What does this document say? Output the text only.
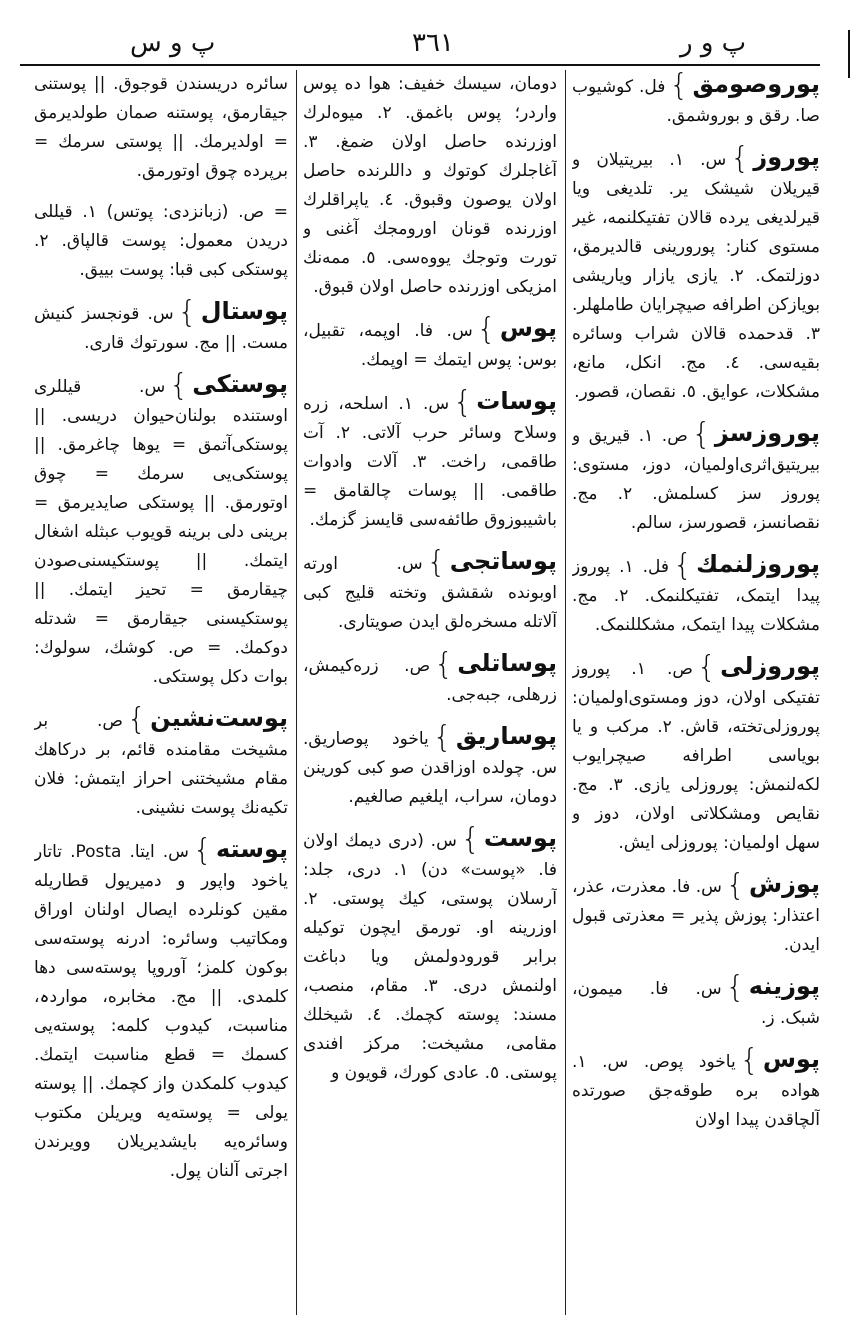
پ و س	٣٦١	پ و ر
پوروصومق}فل. کوشیوب صا. رقق و بوروشمق.
پوروز}س. ١. بیریتیلان و قیریلان شیشک یر. تلدیغی ویا قیرلدیغی یرده قالان تفتیکلنمه، غیر مستوی کنار: پورورینی قالدیرمق، دوزلتمک. ٢. یازی یازار ویاریشی بویازکن اطرافه صیچرایان طاملهلر. ٣. قدحمده قالان شراب وسائره بقیه‌سی. ٤. مج. انکل، مانع، مشکلات، عوایق. ٥. نقصان، قصور.
پوروزسز}ص. ١. قیریق و بیریتیق‌اثری‌اولمیان، دوز، مستوی: پوروز سز کسلمش. ٢. مج. نقصانسز، قصورسز، سالم.
پوروزلنمك}فل. ١. پوروز پیدا ایتمک، تفتیکلنمک. ٢. مج. مشکلات پیدا ایتمک، مشکللنمک.
پوروزلی}ص. ١. پوروز تفتیکی اولان، دوز ومستوی‌اولمیان: پوروزلی‌تخته، قاش. ٢. مرکب و یا بویاسی اطرافه صیچرایوب لکه‌لنمش: پوروزلی یازی. ٣. مج. نقایص ومشکلاتی اولان، دوز و سهل اولمیان: پوروزلی ایش.
پوزش}س. فا. معذرت، عذر، اعتذار: پوزش پذیر = معذرتی قبول ایدن.
پوزینه}س. فا. میمون، شبک. ز.
پوس}یاخود پوص. س. ١. هواده بره طوقه‌جق صورتده آلچاقدن پیدا اولان
دومان، سیسك خفیف: هوا ده پوس واردر؛ پوس باغمق. ٢. میوه‌لرك اوزرنده حاصل اولان ضمغ. ٣. آغاجلرك کوتوك و داللرنده حاصل اولان یوصون وقبوق. ٤. یاپراقلرك اوزرنده قونان اورومجك آغنی و تورت وتوجك یووه‌سی. ٥. ممه‌نك امزیکی اوزرنده حاصل اولان قبوق.
پوس}س. فا. اوپمه، تقبیل، بوس: پوس ایتمك = اوپمك.
پوسات}س. ١. اسلحه، زره وسلاح وسائر حرب آلاتی. ٢. آت طاقمی، راخت. ٣. آلات وادوات طاقمی. || پوسات چالقامق = باشیبوزوق طائفه‌سی قایسز گزمك.
پوساتجی}س. اورته اوبونده شقشق وتخته قلیج کبی آلاتله مسخره‌لق ایدن صویتاری.
پوساتلی}ص. زره‌کیمش، زرهلی، جبه‌جی.
پوساریق}یاخود پوصاریق. س. چولده اوزاقدن صو کبی کورینن دومان، سراب، ایلغیم صالغیم.
پوست}س. (دری دیمك اولان فا. «پوست» دن) ١. دری، جلد: آرسلان پوستی، کیك پوستی. ٢. اوزرینه او. تورمق ایچون توکیله برابر قورودولمش ویا دباغت اولنمش دری. ٣. مقام، منصب، مسند: پوسته کچمك. ٤. شیخلك مقامی، مشیخت: مرکز افندی پوستی. ٥. عادی کورك، قویون و
سائره دریسندن قوجوق. || پوستنی جیقارمق، پوستنه صمان طولدیرمق = اولدیرمك. || پوستی سرمك = برپرده چوق اوتورمق.
= ص. (زبانزدی: پوتس) ١. قیللی دریدن معمول: پوست قالپاق. ٢. پوستکی کبی قبا: پوست بییق.
پوستال}س. قونجسز کنیش مست. || مج. سورتوك قاری.
پوستکی}س. قیللری اوستنده بولنان‌حیوان دریسی. || پوستکی‌آتمق = یوها چاغرمق. || پوستکی‌یی سرمك = چوق اوتورمق. || پوستکی صایدیرمق = برینی دلی برینه قویوب عبثله اشغال ایتمك. || پوستکیسنی‌صودن چیقارمق = تحیز ایتمك. || پوستکیسنی جیقارمق = شدتله دوکمك. = ص. کوشك، سولوك: بوات دکل پوستکی.
پوست‌نشین}ص. بر مشیخت مقامنده قائم، بر درکاهك مقام مشیختنی احراز ایتمش: فلان تکیه‌نك پوست نشینی.
پوسته}س. ایتا. Posta. تاتار یاخود واپور و دمیریول قطاریله مقین کونلرده ایصال اولنان اوراق ومکاتیب وسائره: ادرنه پوسته‌سی بوکون کلمز؛ آوروپا پوسته‌سی دها کلمدی. || مج. مخابره، مواردہ، مناسبت، کیدوب کلمه: پوسته‌یی کسمك = قطع مناسبت ایتمك. کیدوب کلمکدن واز کچمك. || پوسته یولی = پوسته‌یه ویریلن مکتوب وسائره‌یه بایشدیریلان وویرندن اجرتی آلنان پول.
